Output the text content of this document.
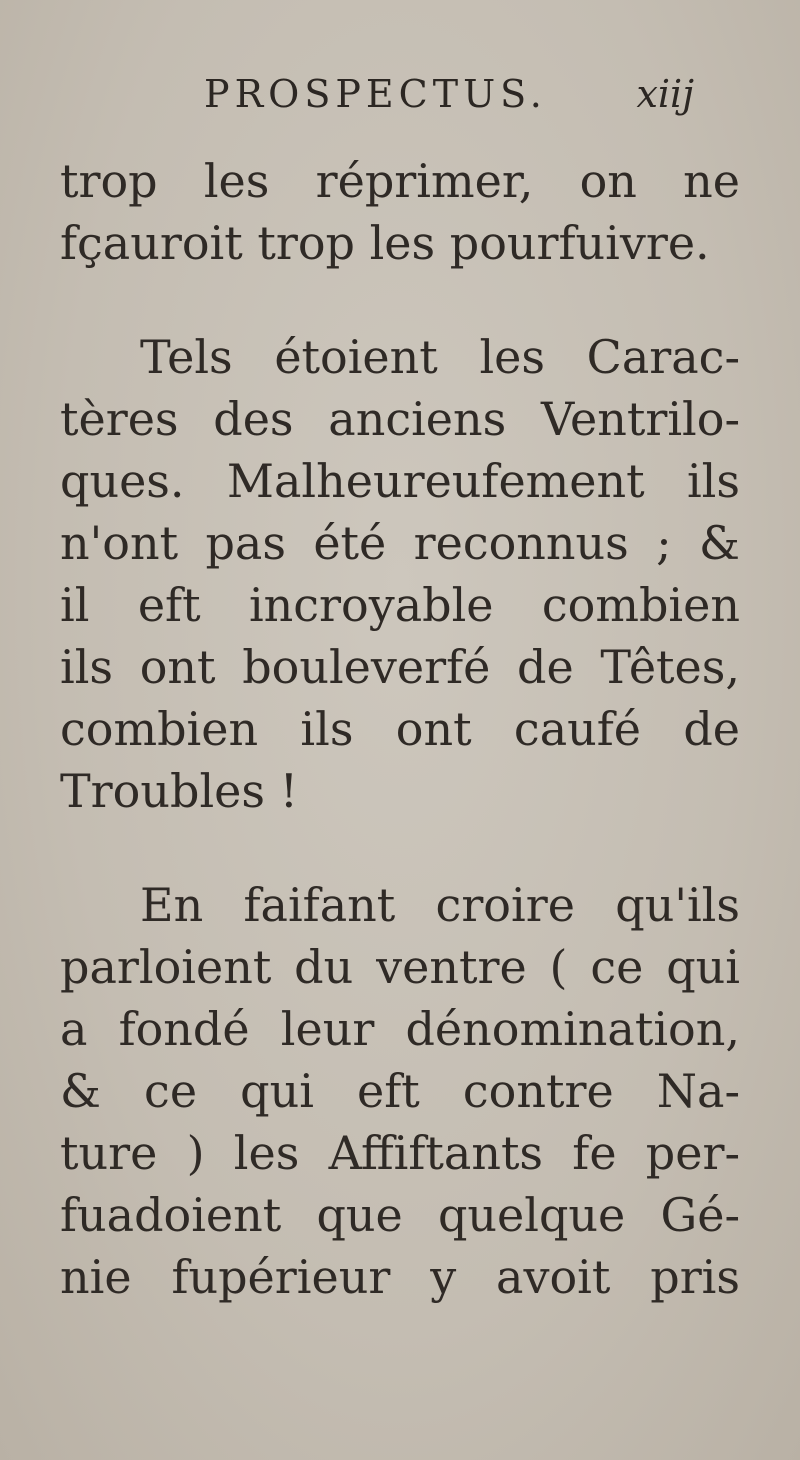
PROSPECTUS. xiij
trop les réprimer, on ne
fçauroit trop les pourfuivre.
Tels étoient les Carac-
tères des anciens Ventrilo-
ques. Malheureufement ils
n'ont pas été reconnus ; &
il eft incroyable combien
ils ont bouleverfé de Têtes,
combien ils ont caufé de
Troubles !
En faifant croire qu'ils
parloient du ventre ( ce qui
a fondé leur dénomination,
& ce qui eft contre Na-
ture ) les Affiftants fe per-
fuadoient que quelque Gé-
nie fupérieur y avoit pris
